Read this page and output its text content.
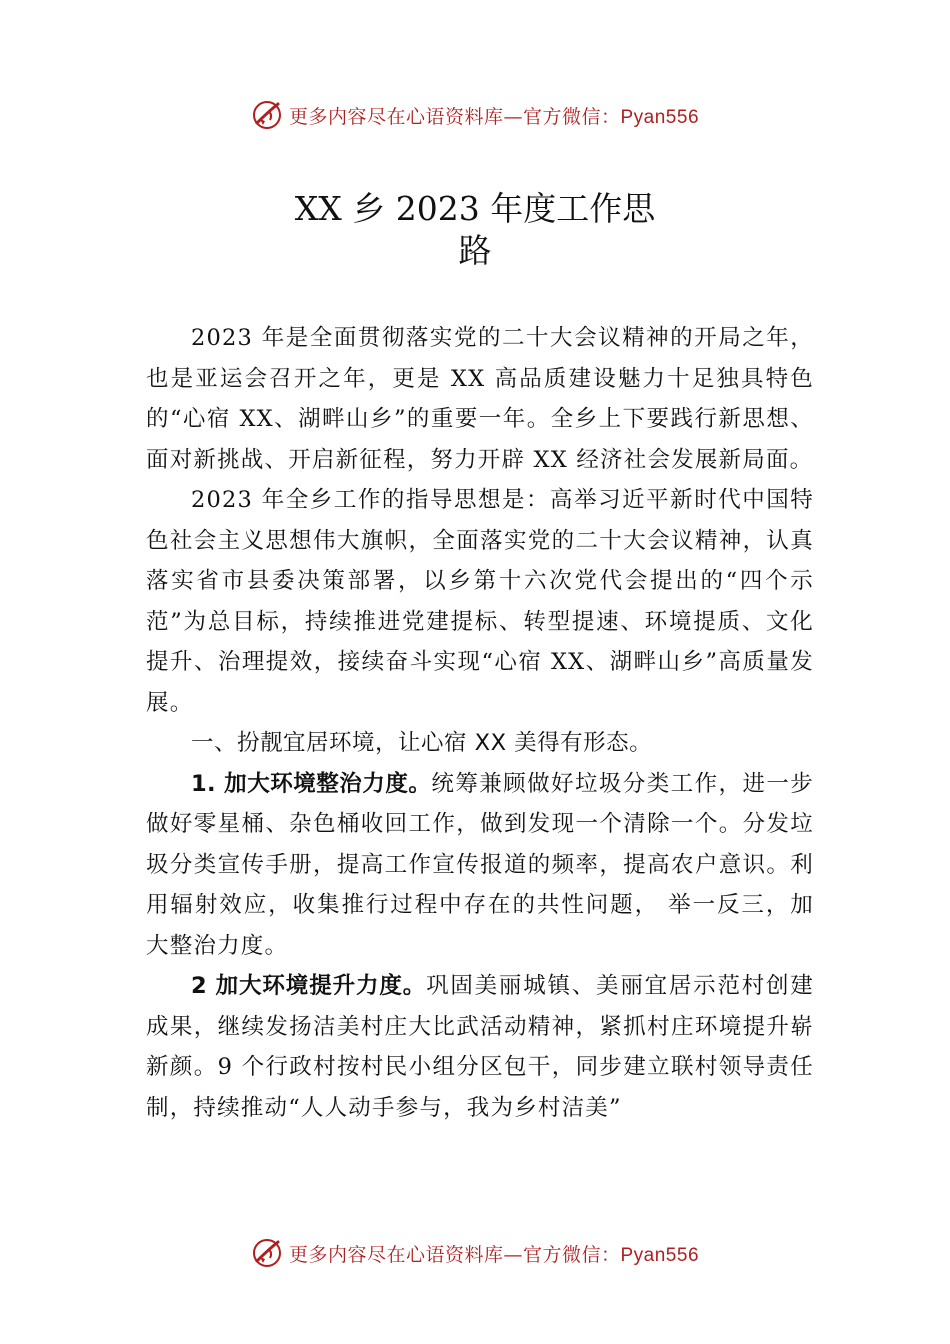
更多内容尽在心语资料库—官方微信：Pyan556
XX 乡 2023 年度工作思
路

2023 年是全面贯彻落实党的二十大会议精神的开局之年，也是亚运会召开之年，更是 XX 高品质建设魅力十足独具特色的“心宿 XX、湖畔山乡”的重要一年。全乡上下要践行新思想、面对新挑战、开启新征程，努力开辟 XX 经济社会发展新局面。

2023 年全乡工作的指导思想是：高举习近平新时代中国特色社会主义思想伟大旗帜，全面落实党的二十大会议精神，认真落实省市县委决策部署，以乡第十六次党代会提出的“四个示范”为总目标，持续推进党建提标、转型提速、环境提质、文化提升、治理提效，接续奋斗实现“心宿 XX、湖畔山乡”高质量发展。

一、扮靓宜居环境，让心宿 XX 美得有形态。

1. 加大环境整治力度。统筹兼顾做好垃圾分类工作，进一步做好零星桶、杂色桶收回工作，做到发现一个清除一个。分发垃圾分类宣传手册，提高工作宣传报道的频率，提高农户意识。利用辐射效应，收集推行过程中存在的共性问题， 举一反三，加大整治力度。

2 加大环境提升力度。巩固美丽城镇、美丽宜居示范村创建成果，继续发扬洁美村庄大比武活动精神，紧抓村庄环境提升崭新颜。9 个行政村按村民小组分区包干，同步建立联村领导责任制，持续推动“人人动手参与，我为乡村洁美”

更多内容尽在心语资料库—官方微信：Pyan556
